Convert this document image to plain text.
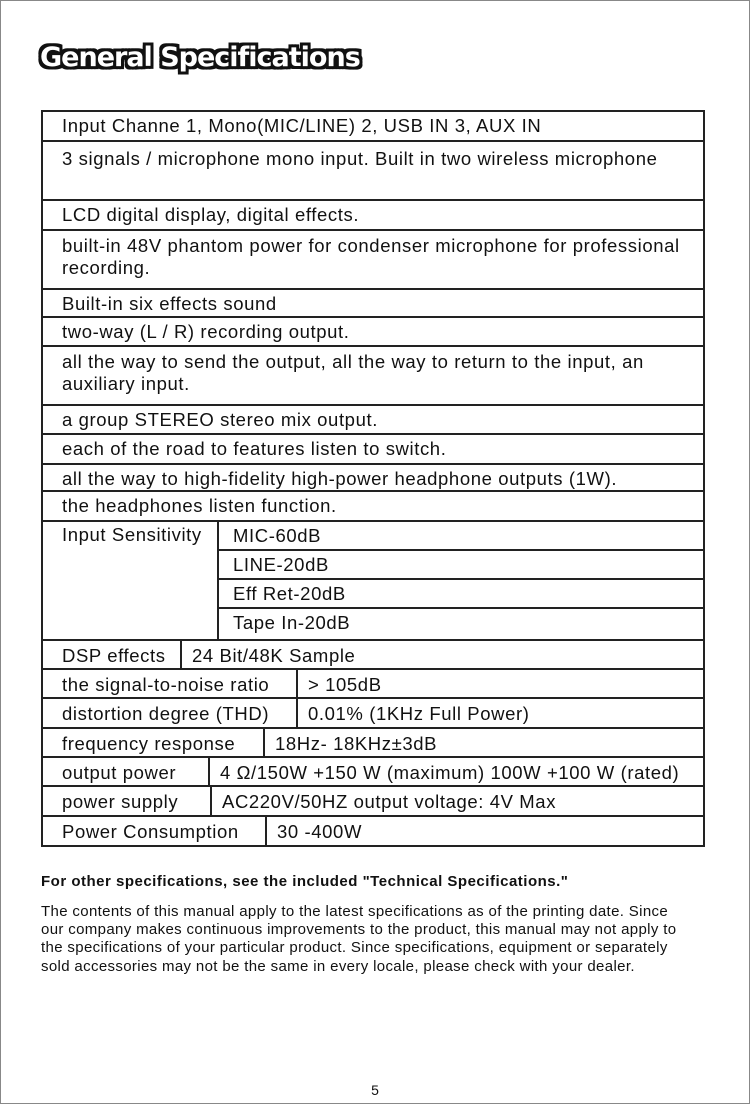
General Specifications
Input Channe 1, Mono(MIC/LINE) 2, USB IN 3, AUX IN
3 signals / microphone mono input. Built in two wireless microphone
LCD digital display, digital effects.
built-in 48V phantom power for condenser microphone for professional recording.
Built-in six effects sound
two-way (L / R) recording output.
all the way to send the output, all the way to return to the input, an auxiliary input.
a group STEREO stereo mix output.
each of the road to features listen to switch.
all the way to high-fidelity high-power headphone outputs (1W).
the headphones listen function.
Input Sensitivity	MIC-60dB
LINE-20dB
Eff Ret-20dB
Tape In-20dB
DSP effects	24 Bit/48K Sample
the signal-to-noise ratio	> 105dB
distortion degree (THD)	0.01% (1KHz Full Power)
frequency response	18Hz- 18KHz±3dB
output power	4 Ω/150W +150 W (maximum) 100W +100 W (rated)
power supply	AC220V/50HZ output voltage: 4V Max
Power Consumption	30 -400W

For other specifications, see the included "Technical Specifications."

The contents of this manual apply to the latest specifications as of the printing date. Since our company makes continuous improvements to the product, this manual may not apply to the specifications of your particular product. Since specifications, equipment or separately sold accessories may not be the same in every locale, please check with your dealer.

5
